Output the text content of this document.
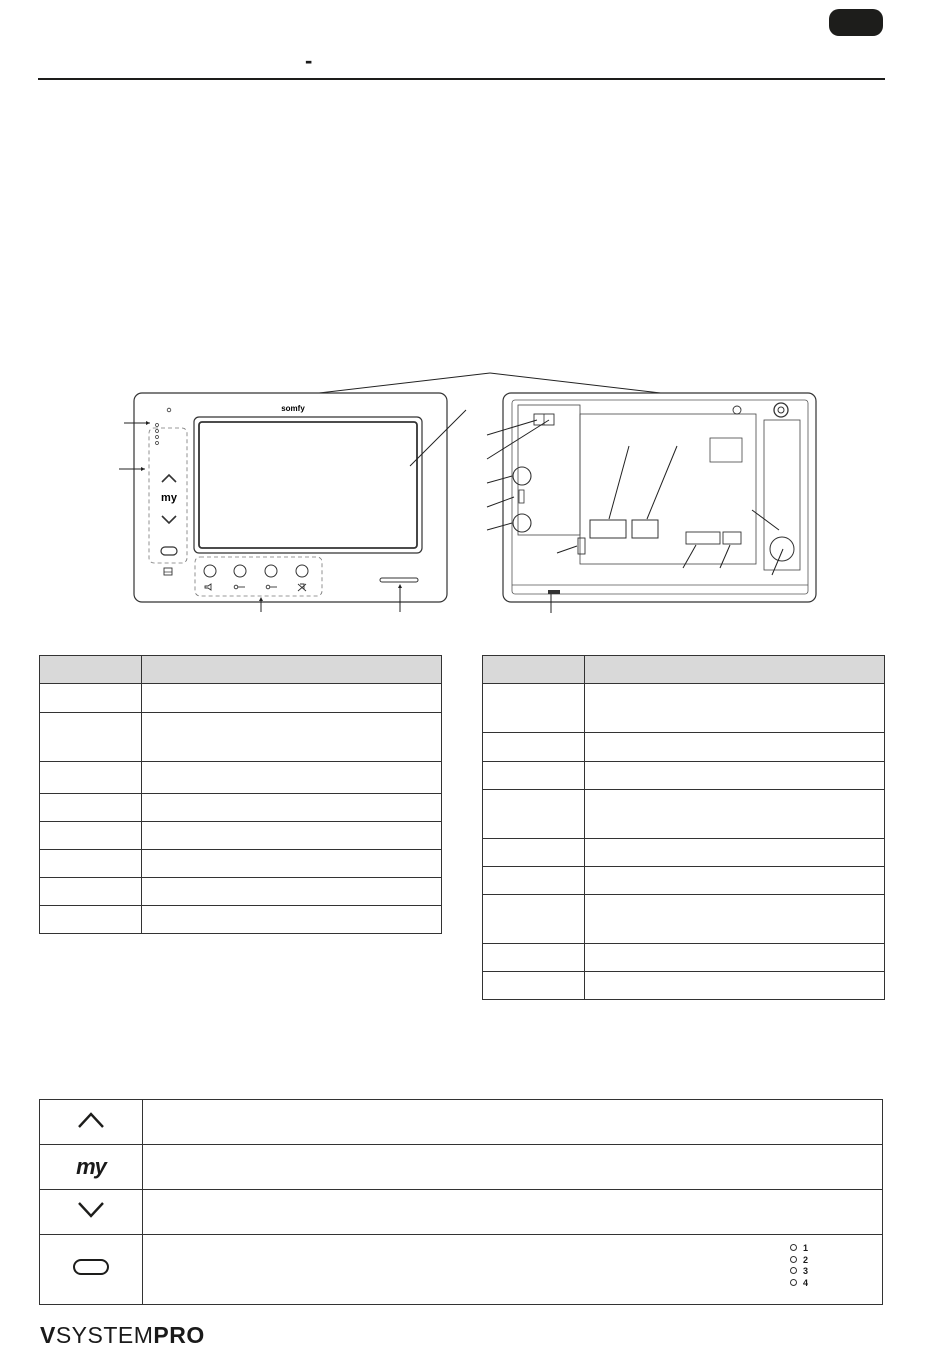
-
somfy
my

my	

1
2
3
4
VSYSTEMPRO
